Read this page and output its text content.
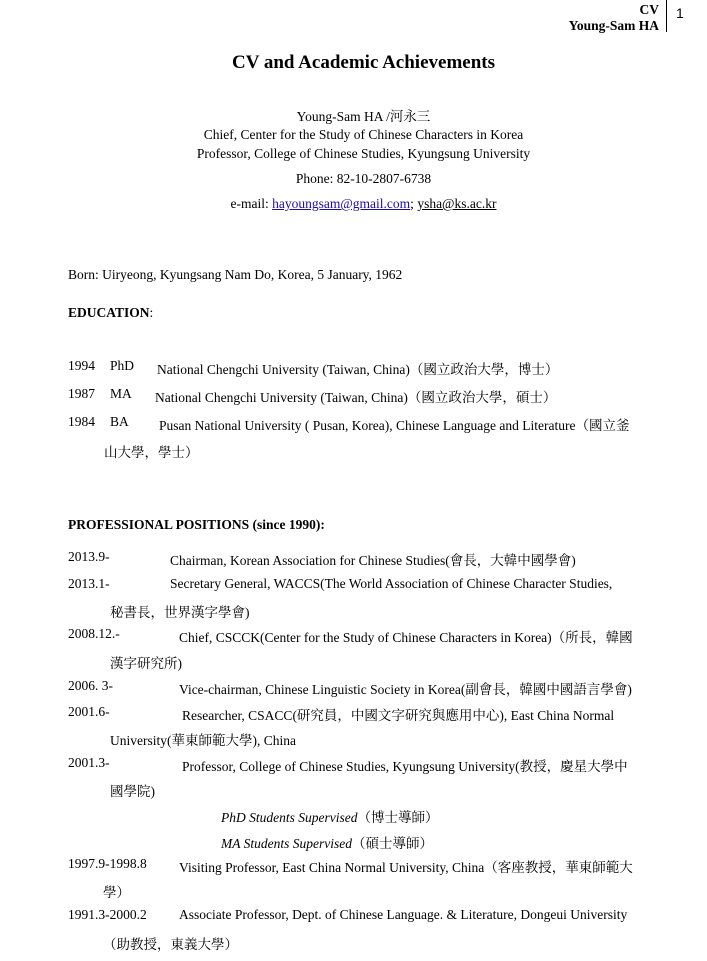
CV
Young-Sam HA
1
CV and Academic Achievements
Young-Sam HA /河永三
Chief, Center for the Study of Chinese Characters in Korea
Professor, College of Chinese Studies, Kyungsung University
Phone: 82-10-2807-6738
e-mail: hayoungsam@gmail.com; ysha@ks.ac.kr
Born: Uiryeong, Kyungsang Nam Do, Korea, 5 January, 1962
EDUCATION:
1994 PhD National Chengchi University (Taiwan, China)（國立政治大學，博士）
1987 MA National Chengchi University (Taiwan, China)（國立政治大學，碩士）
1984 BA Pusan National University ( Pusan, Korea), Chinese Language and Literature（國立釜
山大學，學士）
PROFESSIONAL POSITIONS (since 1990):
2013.9-	Chairman, Korean Association for Chinese Studies(會長，大韓中國學會)
2013.1-	Secretary General, WACCS(The World Association of Chinese Character Studies,
秘書長，世界漢字學會)
2008.12.-	Chief, CSCCK(Center for the Study of Chinese Characters in Korea)（所長，韓國
漢字研究所)
2006. 3-	Vice-chairman, Chinese Linguistic Society in Korea(副會長，韓國中國語言學會)
2001.6-	Researcher, CSACC(研究員，中國文字研究與應用中心), East China Normal
University(華東師範大學), China
2001.3-	Professor, College of Chinese Studies, Kyungsung University(教授，慶星大學中
國學院)
PhD Students Supervised（博士導師）
MA Students Supervised（碩士導師）
1997.9-1998.8 Visiting Professor, East China Normal University, China（客座教授，華東師範大
學）
1991.3-2000.2 Associate Professor, Dept. of Chinese Language. & Literature, Dongeui University
（助教授，東義大學）
